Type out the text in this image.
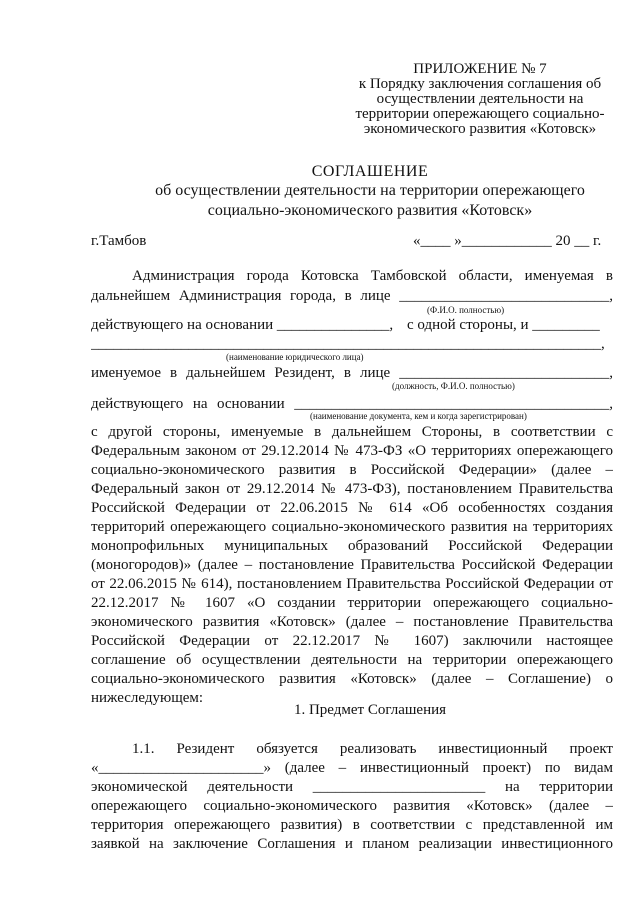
ПРИЛОЖЕНИЕ № 7
к Порядку заключения соглашения об
осуществлении деятельности на
территории опережающего социально-
экономического развития «Котовск»
СОГЛАШЕНИЕ
об осуществлении деятельности на территории опережающего
социально-экономического развития «Котовск»
г.Тамбов	«____ »____________ 20 __ г.
Администрация города Котовска Тамбовской области, именуемая в
дальнейшем Администрация города, в лице ____________________________,
(Ф.И.О. полностью)
действующего на основании _______________, с одной стороны, и _________
____________________________________________________________________,
(наименование юридического лица)
именуемое в дальнейшем Резидент, в лице ____________________________,
(должность, Ф.И.О. полностью)
действующего на основании __________________________________________,
(наименование документа, кем и когда зарегистрирован)
с другой стороны, именуемые в дальнейшем Стороны, в соответствии с
Федеральным законом от 29.12.2014 № 473-ФЗ «О территориях опережающего
социально-экономического развития в Российской Федерации» (далее –
Федеральный закон от 29.12.2014 № 473-ФЗ), постановлением Правительства
Российской Федерации от 22.06.2015 № 614 «Об особенностях создания
территорий опережающего социально-экономического развития на территориях
монопрофильных муниципальных образований Российской Федерации
(моногородов)» (далее – постановление Правительства Российской Федерации
от 22.06.2015 № 614), постановлением Правительства Российской Федерации от
22.12.2017 № 1607 «О создании территории опережающего социально-
экономического развития «Котовск» (далее – постановление Правительства
Российской Федерации от 22.12.2017 № 1607) заключили настоящее
соглашение об осуществлении деятельности на территории опережающего
социально-экономического развития «Котовск» (далее – Соглашение) о
нижеследующем:
1. Предмет Соглашения
1.1. Резидент обязуется реализовать инвестиционный проект
«______________________» (далее – инвестиционный проект) по видам
экономической деятельности _______________________ на территории
опережающего социально-экономического развития «Котовск» (далее –
территория опережающего развития) в соответствии с представленной им
заявкой на заключение Соглашения и планом реализации инвестиционного
